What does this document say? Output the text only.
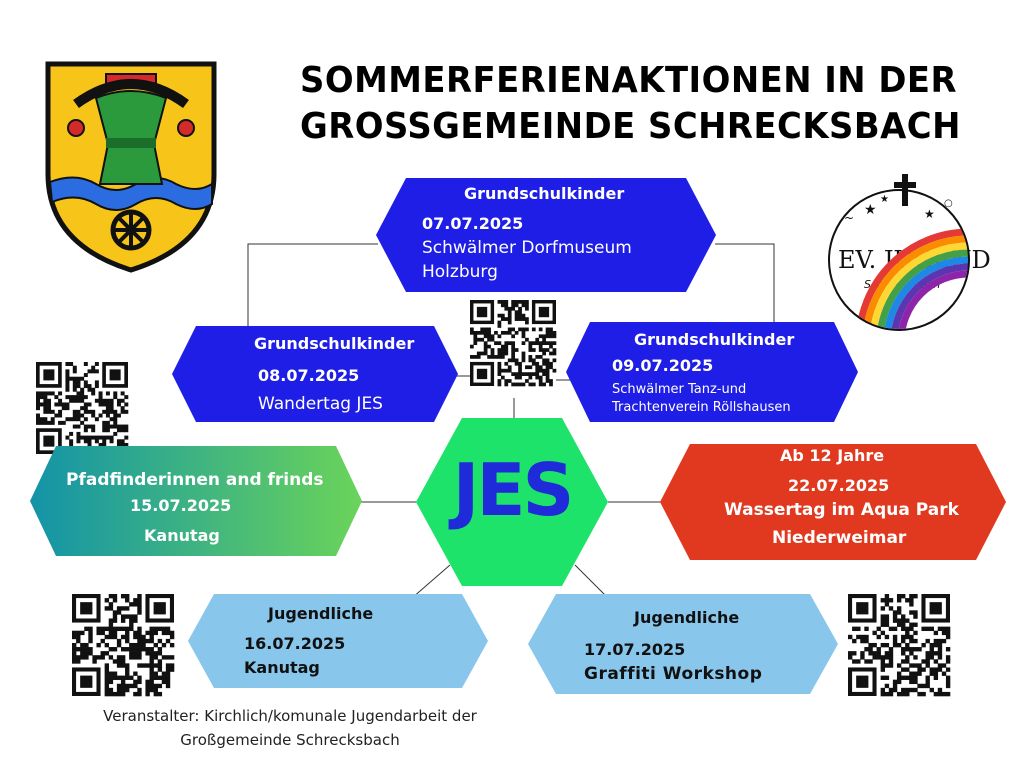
SOMMERFERIENAKTIONEN IN DER
GROSSGEMEINDE SCHRECKSBACH
★	★
★
~
○
EV. JUGEND
Schrecksbach
Grundschulkinder
07.07.2025
Schwälmer Dorfmuseum
Holzburg
Grundschulkinder
08.07.2025
Wandertag JES
Grundschulkinder
09.07.2025
Schwälmer Tanz-und
Trachtenverein Röllshausen
JES
Pfadfinderinnen and frinds
15.07.2025
Kanutag
Ab 12 Jahre
22.07.2025
Wassertag im Aqua Park
Niederweimar
Jugendliche
16.07.2025
Kanutag
Jugendliche
17.07.2025
Graffiti Workshop
Veranstalter: Kirchlich/komunale Jugendarbeit der
Großgemeinde Schrecksbach
